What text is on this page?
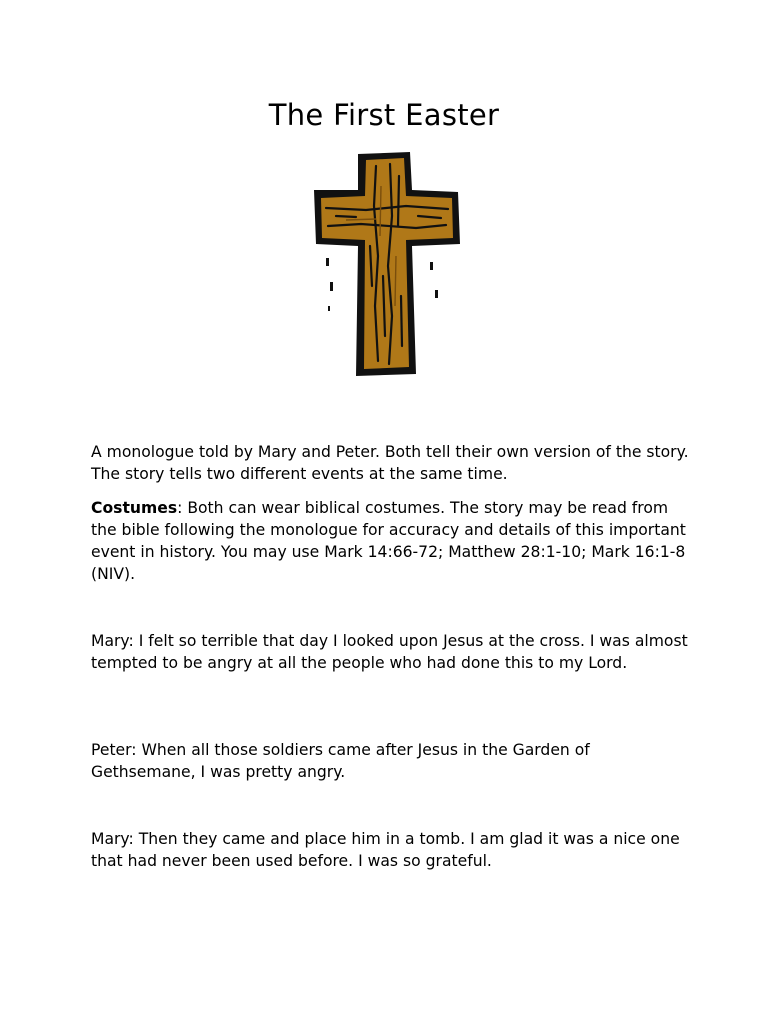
The First Easter

A monologue told by Mary and Peter. Both tell their own version of the story. The story tells two different events at the same time.

Costumes: Both can wear biblical costumes. The story may be read from the bible following the monologue for accuracy and details of this important event in history. You may use Mark 14:66-72; Matthew 28:1-10; Mark 16:1-8 (NIV).

Mary: I felt so terrible that day I looked upon Jesus at the cross. I was almost tempted to be angry at all the people who had done this to my Lord.

Peter: When all those soldiers came after Jesus in the Garden of Gethsemane, I was pretty angry.

Mary: Then they came and place him in a tomb. I am glad it was a nice one that had never been used before. I was so grateful.
